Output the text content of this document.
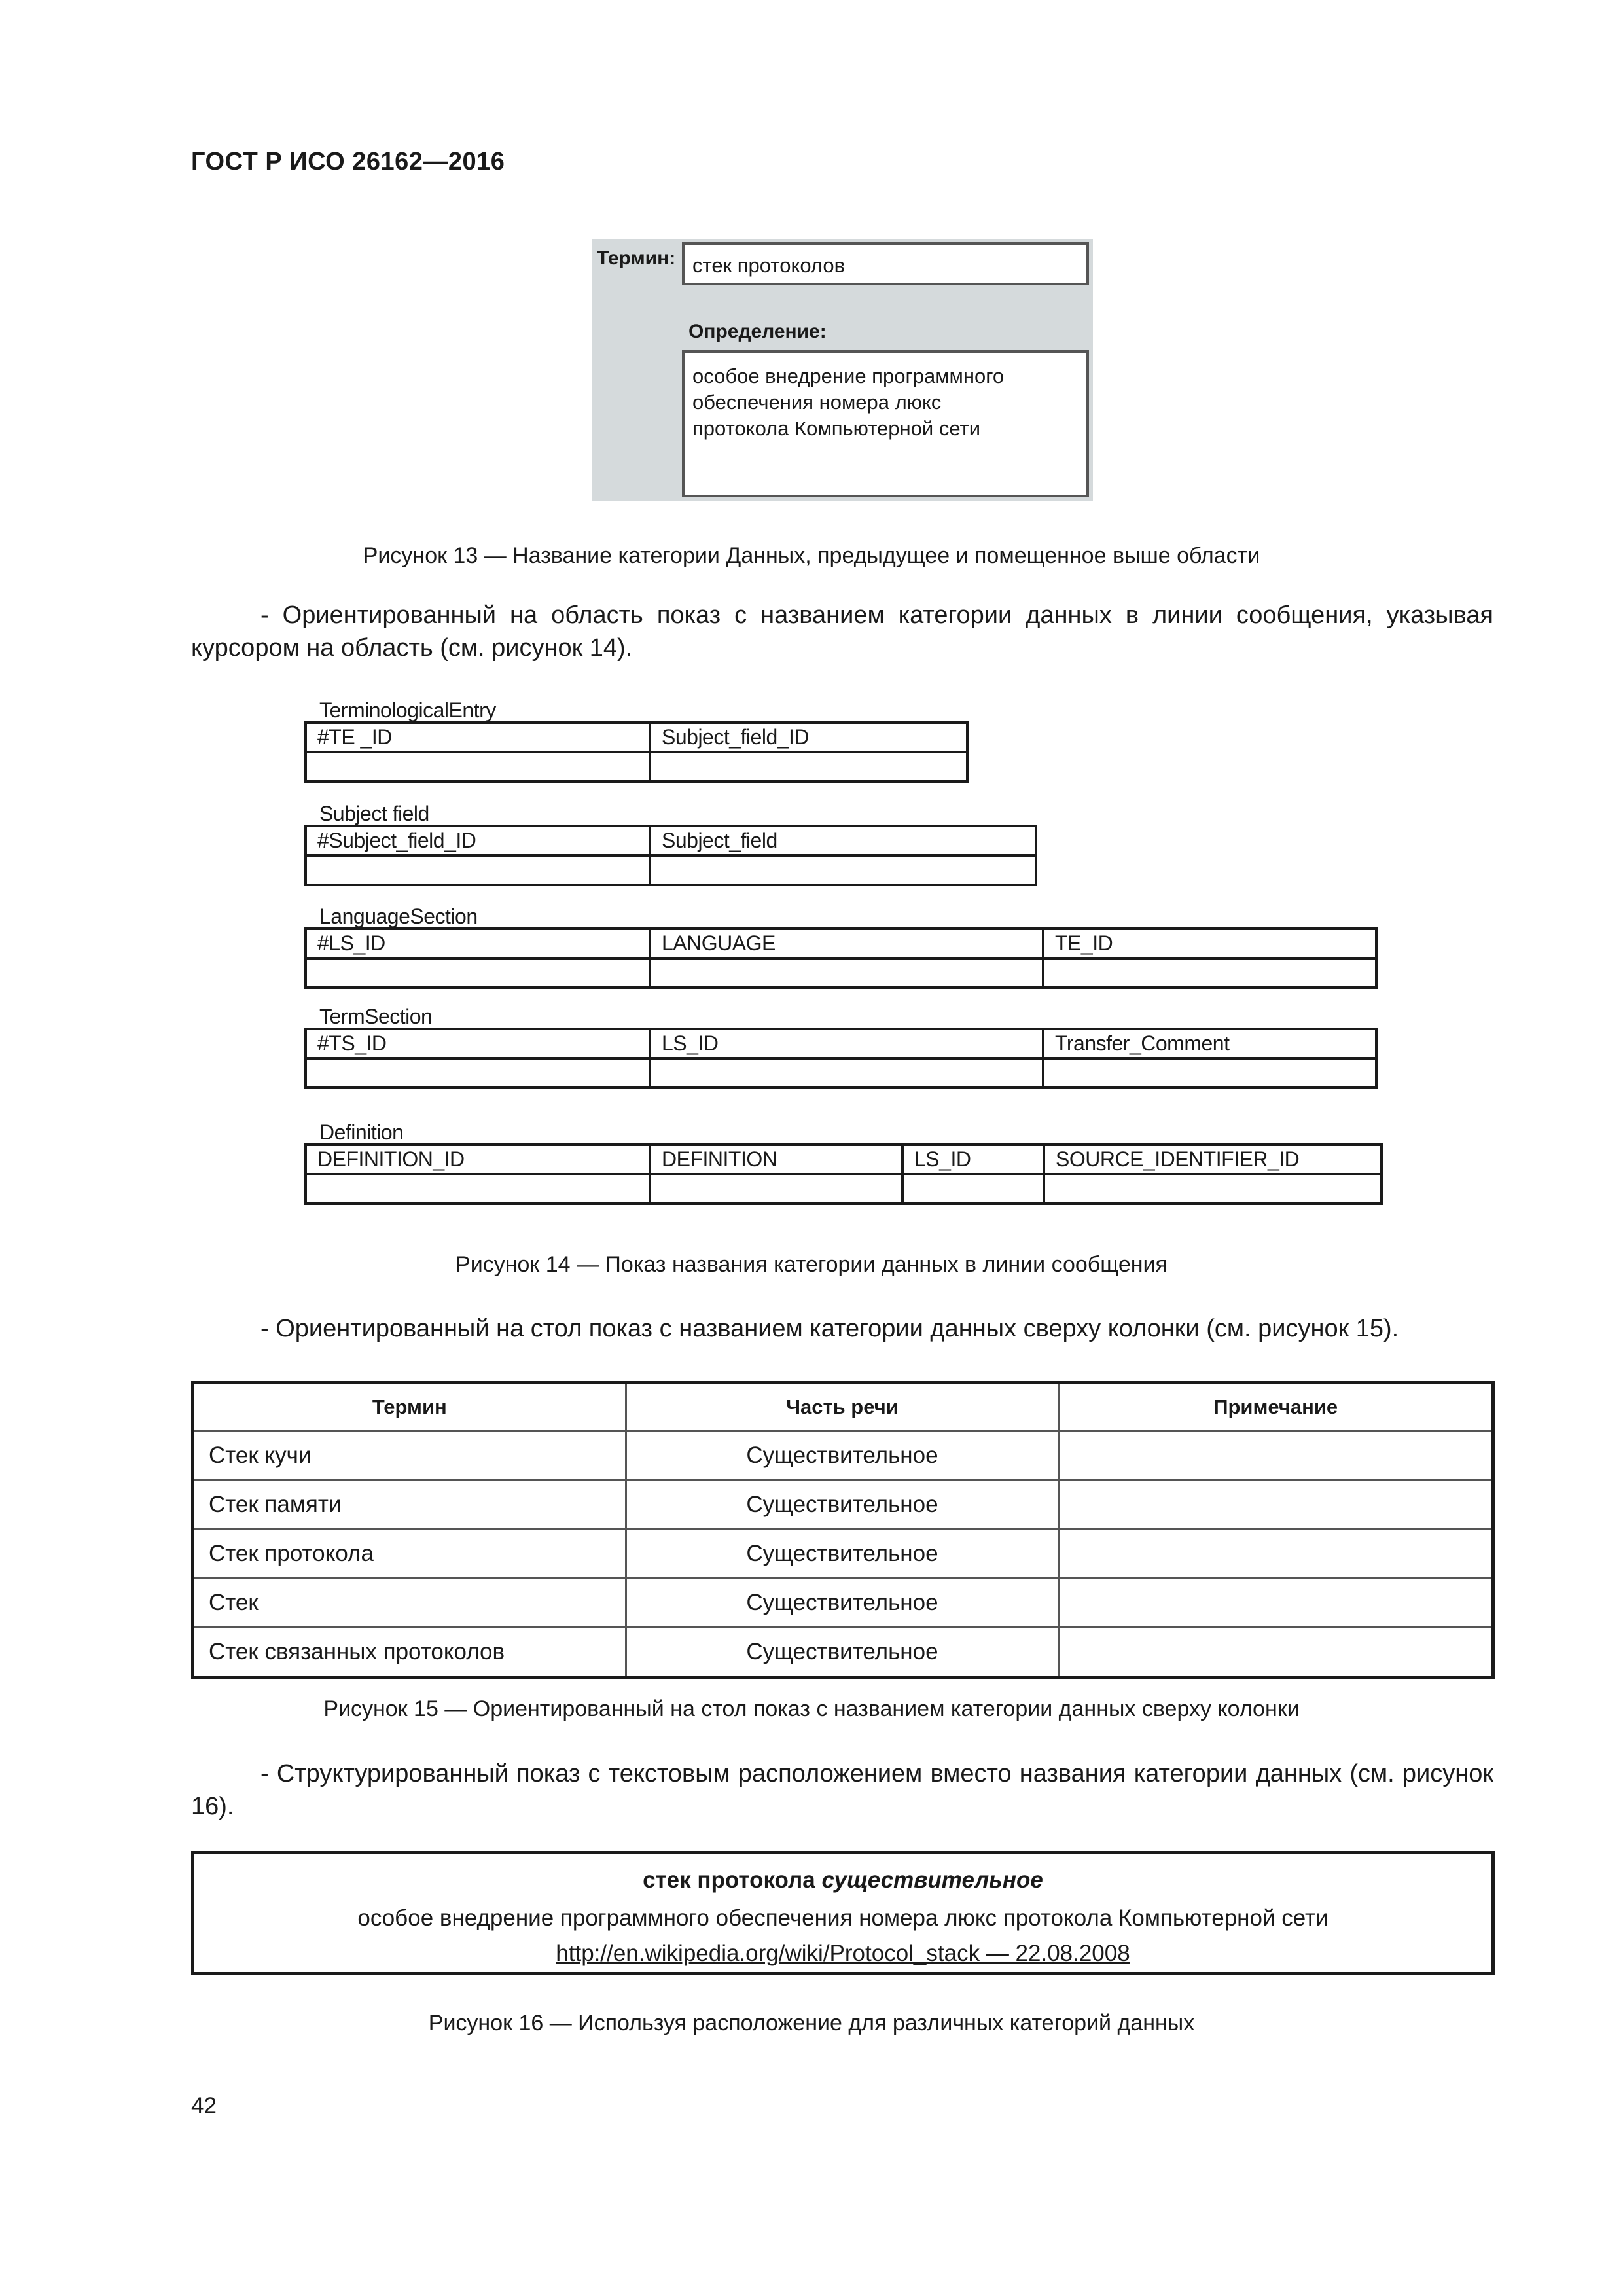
ГОСТ Р ИСО 26162—2016
Термин: стек протоколов
Определение:
особое внедрение программного
обеспечения номера люкс
протокола Компьютерной сети
Рисунок 13 — Название категории Данных, предыдущее и помещенное выше области
- Ориентированный на область показ с названием категории данных в линии сообщения, указывая курсором на область (см. рисунок 14).
TerminologicalEntry
#TE _ID	Subject_field_ID

Subject field
#Subject_field_ID	Subject_field

LanguageSection
#LS_ID	LANGUAGE	TE_ID

TermSection
#TS_ID	LS_ID	Transfer_Comment

Definition
DEFINITION_ID	DEFINITION	LS_ID	SOURCE_IDENTIFIER_ID

Рисунок 14 — Показ названия категории данных в линии сообщения
- Ориентированный на стол показ с названием категории данных сверху колонки (см. рисунок 15).
Термин	Часть речи	Примечание
Стек кучи	Существительное	
Стек памяти	Существительное	
Стек протокола	Существительное	
Стек	Существительное	
Стек связанных протоколов	Существительное	
Рисунок 15 — Ориентированный на стол показ с названием категории данных сверху колонки
- Структурированный показ с текстовым расположением вместо названия категории данных (см. рисунок 16).
стек протокола существительное
особое внедрение программного обеспечения номера люкс протокола Компьютерной сети
http://en.wikipedia.org/wiki/Protocol_stack — 22.08.2008
Рисунок 16 — Используя расположение для различных категорий данных
42
